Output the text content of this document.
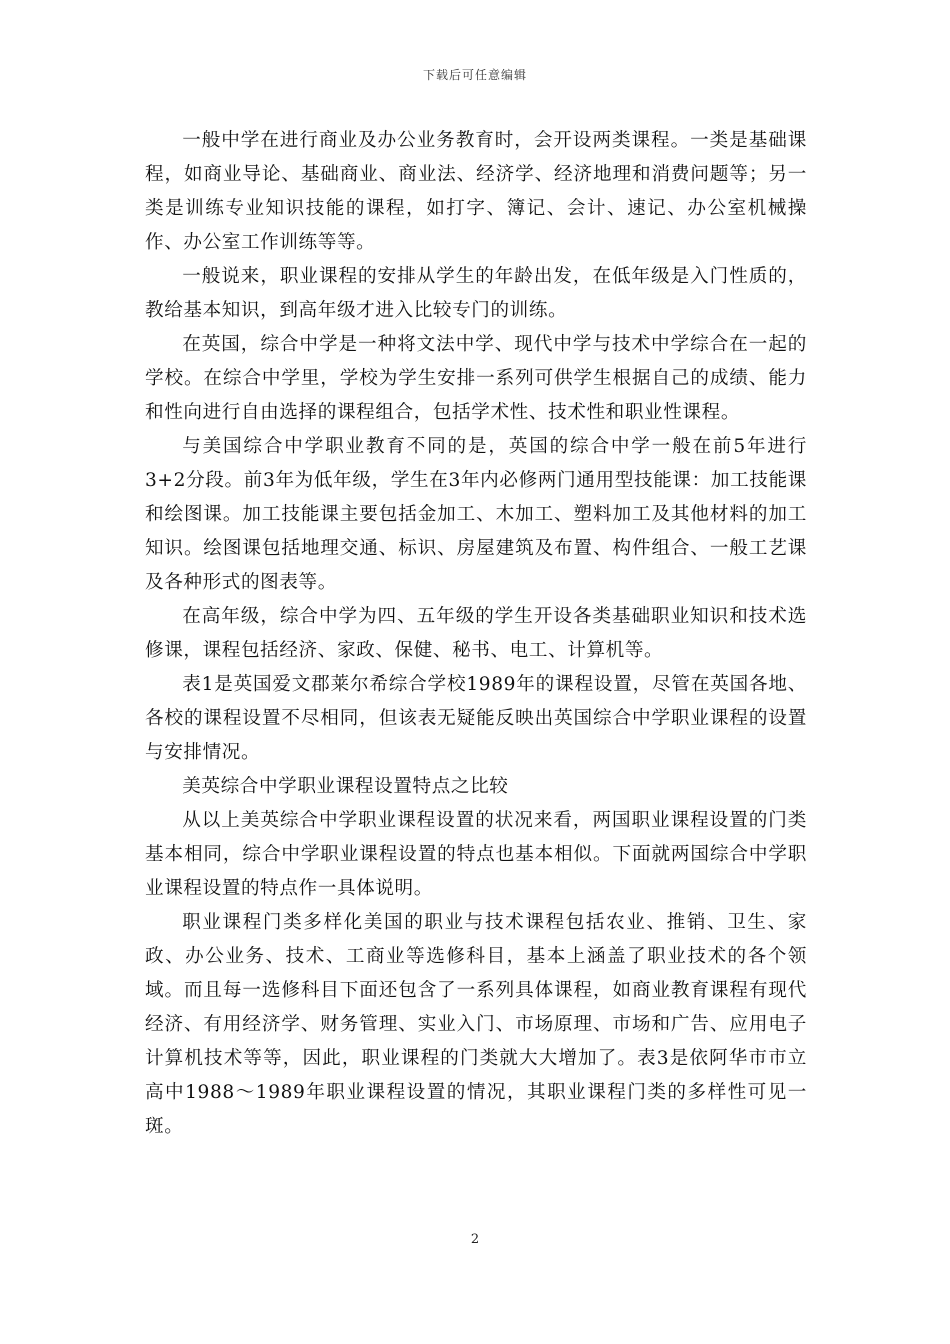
下载后可任意编辑

一般中学在进行商业及办公业务教育时，会开设两类课程。一类是基础课程，如商业导论、基础商业、商业法、经济学、经济地理和消费问题等；另一类是训练专业知识技能的课程，如打字、簿记、会计、速记、办公室机械操作、办公室工作训练等等。

一般说来，职业课程的安排从学生的年龄出发，在低年级是入门性质的，教给基本知识，到高年级才进入比较专门的训练。

在英国，综合中学是一种将文法中学、现代中学与技术中学综合在一起的学校。在综合中学里，学校为学生安排一系列可供学生根据自己的成绩、能力和性向进行自由选择的课程组合，包括学术性、技术性和职业性课程。

与美国综合中学职业教育不同的是，英国的综合中学一般在前5年进行3+2分段。前3年为低年级，学生在3年内必修两门通用型技能课：加工技能课和绘图课。加工技能课主要包括金加工、木加工、塑料加工及其他材料的加工知识。绘图课包括地理交通、标识、房屋建筑及布置、构件组合、一般工艺课及各种形式的图表等。

在高年级，综合中学为四、五年级的学生开设各类基础职业知识和技术选修课，课程包括经济、家政、保健、秘书、电工、计算机等。

表1是英国爱文郡莱尔希综合学校1989年的课程设置，尽管在英国各地、各校的课程设置不尽相同，但该表无疑能反映出英国综合中学职业课程的设置与安排情况。

美英综合中学职业课程设置特点之比较

从以上美英综合中学职业课程设置的状况来看，两国职业课程设置的门类基本相同，综合中学职业课程设置的特点也基本相似。下面就两国综合中学职业课程设置的特点作一具体说明。

职业课程门类多样化美国的职业与技术课程包括农业、推销、卫生、家政、办公业务、技术、工商业等选修科目，基本上涵盖了职业技术的各个领域。而且每一选修科目下面还包含了一系列具体课程，如商业教育课程有现代经济、有用经济学、财务管理、实业入门、市场原理、市场和广告、应用电子计算机技术等等，因此，职业课程的门类就大大增加了。表3是依阿华市市立高中1988～1989年职业课程设置的情况，其职业课程门类的多样性可见一斑。

2
